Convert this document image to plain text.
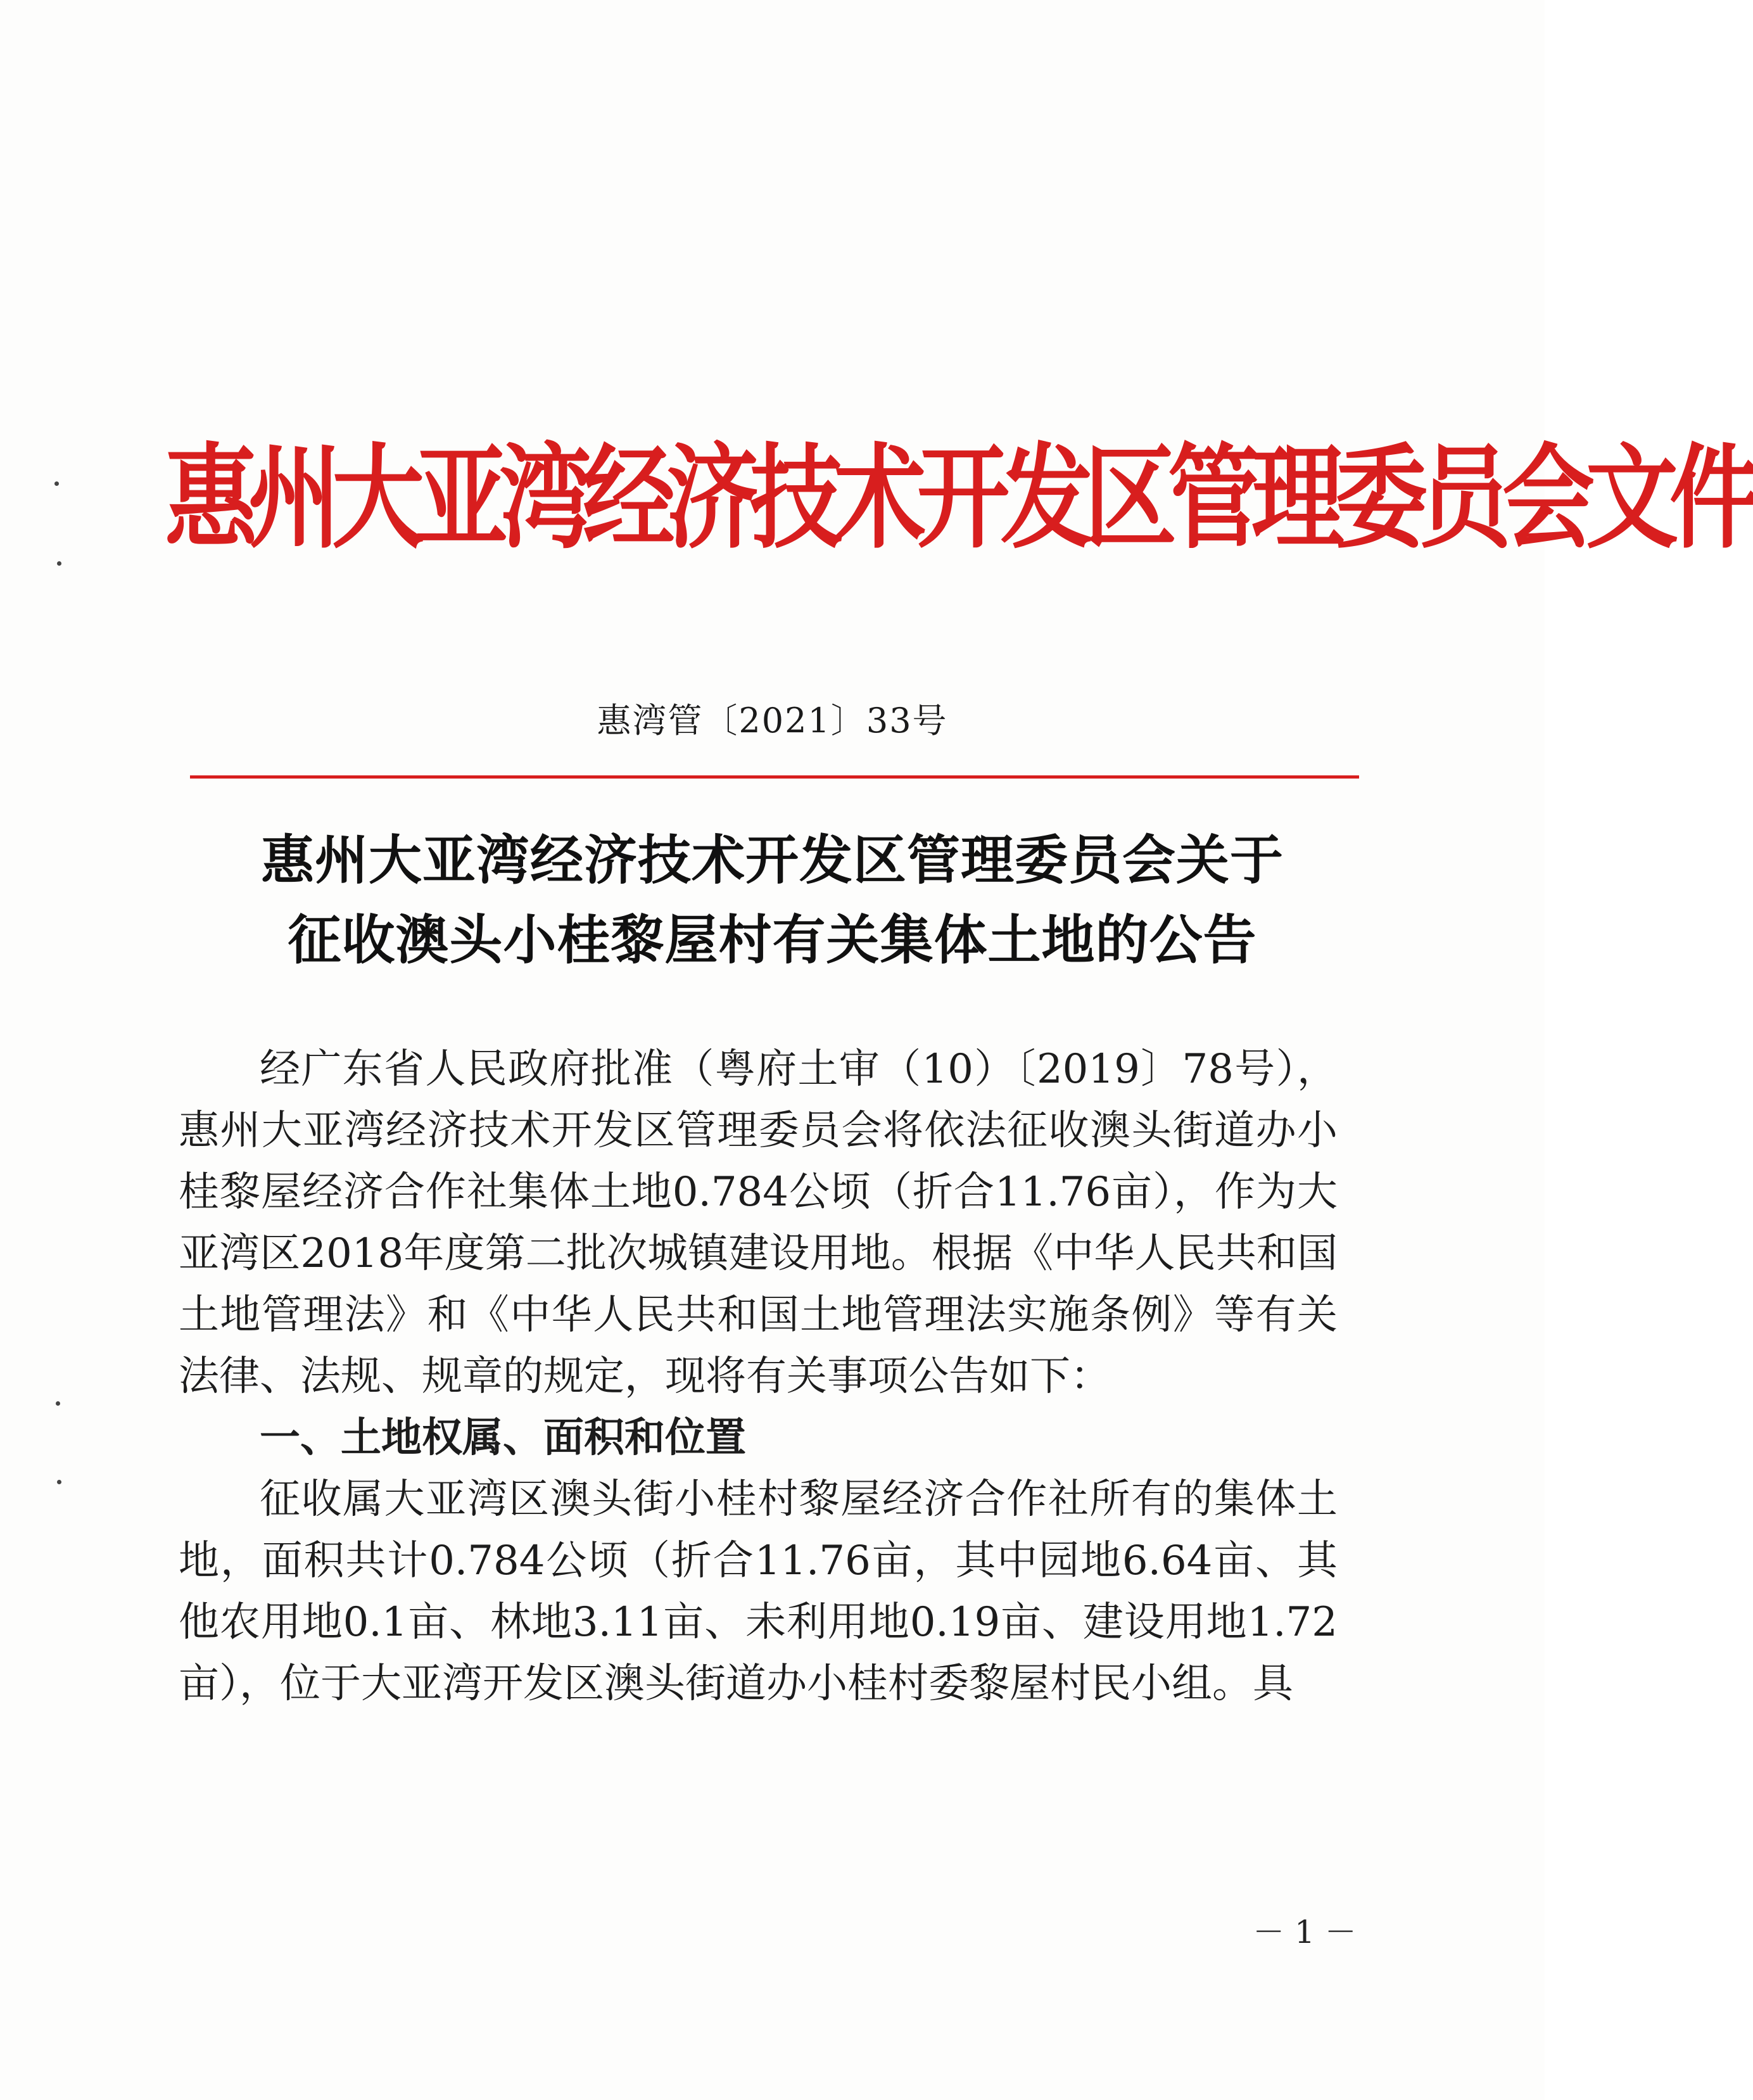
惠州大亚湾经济技术开发区管理委员会文件
惠湾管〔2021〕33号
惠州大亚湾经济技术开发区管理委员会关于
征收澳头小桂黎屋村有关集体土地的公告

经广东省人民政府批准（粤府土审（10）〔2019〕78号），惠州大亚湾经济技术开发区管理委员会将依法征收澳头街道办小桂黎屋经济合作社集体土地0.784公顷（折合11.76亩），作为大亚湾区2018年度第二批次城镇建设用地。根据《中华人民共和国土地管理法》和《中华人民共和国土地管理法实施条例》等有关法律、法规、规章的规定，现将有关事项公告如下：

一、土地权属、面积和位置

征收属大亚湾区澳头街小桂村黎屋经济合作社所有的集体土地，面积共计0.784公顷（折合11.76亩，其中园地6.64亩、其他农用地0.1亩、林地3.11亩、未利用地0.19亩、建设用地1.72亩），位于大亚湾开发区澳头街道办小桂村委黎屋村民小组。具

－ 1 －
